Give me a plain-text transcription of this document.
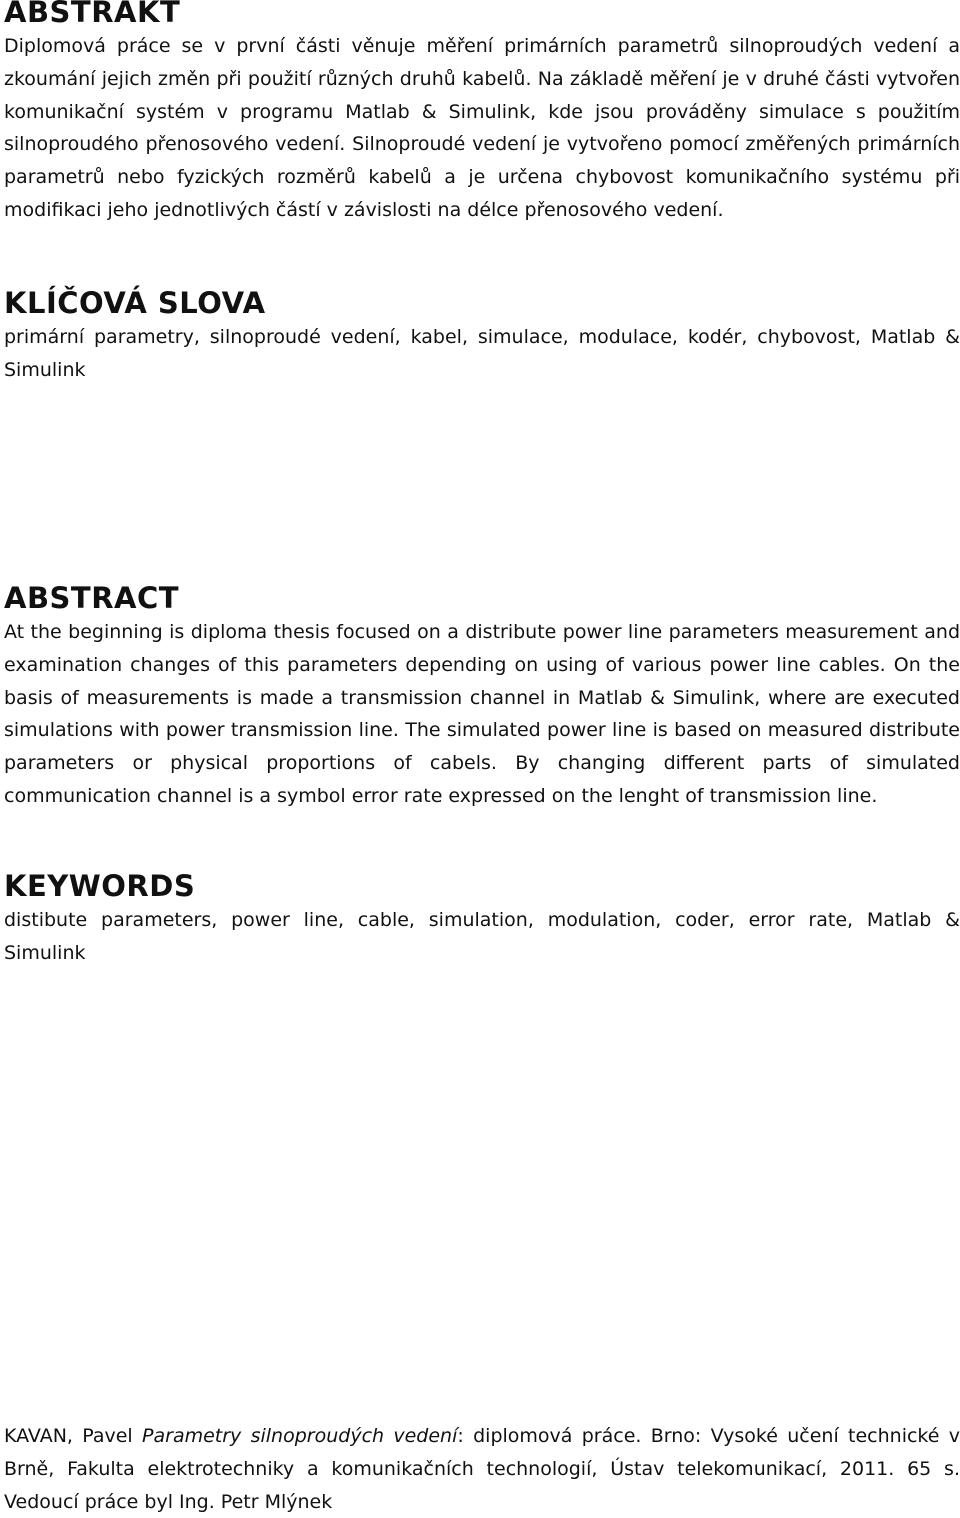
ABSTRAKT

Diplomová práce se v první části věnuje měření primárních parametrů silnoproudých vedení a zkoumání jejich změn při použití různých druhů kabelů. Na základě měření je v druhé části vytvořen komunikační systém v programu Matlab & Simulink, kde jsou prováděny simulace s použitím silnoproudého přenosového vedení. Silnoproudé vedení je vytvořeno pomocí změřených primárních parametrů nebo fyzických rozměrů kabelů a je určena chybovost komunikačního systému při modifikaci jeho jednotlivých částí v závislosti na délce přenosového vedení.

KLÍČOVÁ SLOVA

primární parametry, silnoproudé vedení, kabel, simulace, modulace, kodér, chybovost, Matlab & Simulink

ABSTRACT

At the beginning is diploma thesis focused on a distribute power line parameters measurement and examination changes of this parameters depending on using of various power line cables. On the basis of measurements is made a transmission channel in Matlab & Simulink, where are executed simulations with power transmission line. The simulated power line is based on measured distribute parameters or physical proportions of cabels. By changing different parts of simulated communication channel is a symbol error rate expressed on the lenght of transmission line.

KEYWORDS

distibute parameters, power line, cable, simulation, modulation, coder, error rate, Matlab & Simulink

KAVAN, Pavel Parametry silnoproudých vedení: diplomová práce. Brno: Vysoké učení technické v Brně, Fakulta elektrotechniky a komunikačních technologií, Ústav telekomunikací, 2011. 65 s. Vedoucí práce byl Ing. Petr Mlýnek
